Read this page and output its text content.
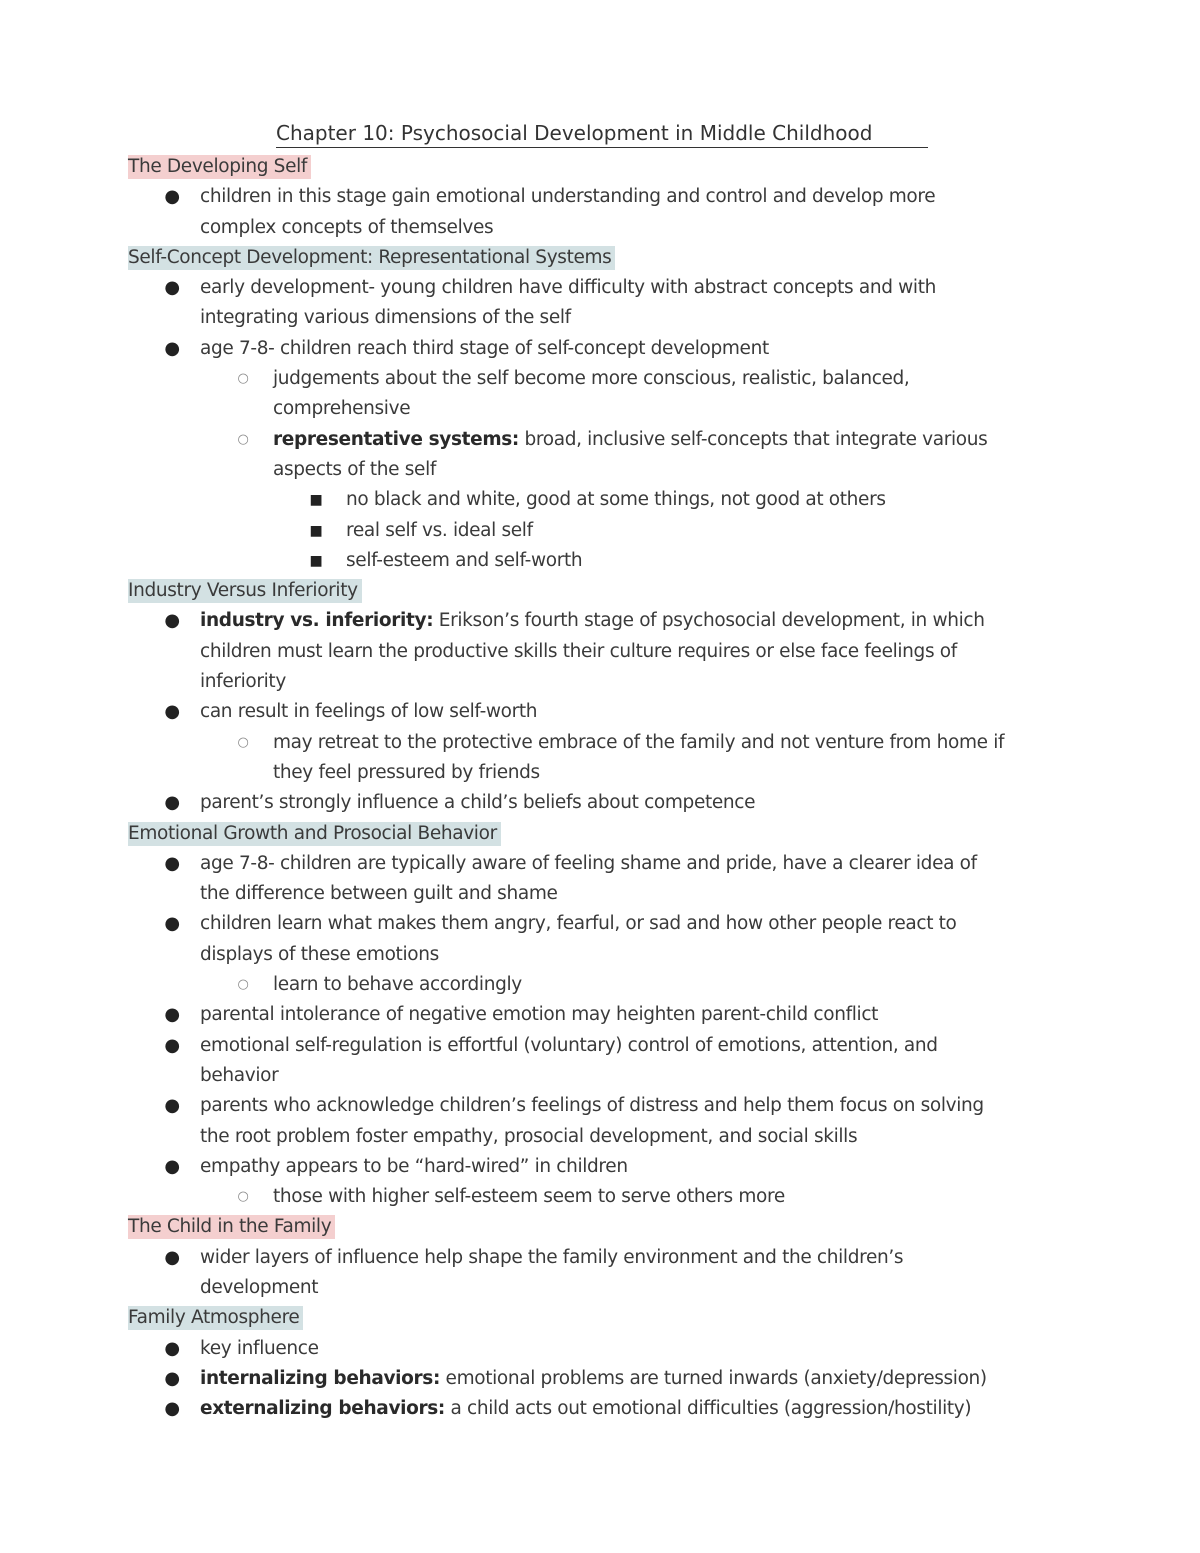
Chapter 10: Psychosocial Development in Middle Childhood
The Developing Self
● children in this stage gain emotional understanding and control and develop more
complex concepts of themselves
Self-Concept Development: Representational Systems
● early development- young children have difficulty with abstract concepts and with
integrating various dimensions of the self
● age 7-8- children reach third stage of self-concept development
○ judgements about the self become more conscious, realistic, balanced,
comprehensive
○ representative systems: broad, inclusive self-concepts that integrate various
aspects of the self
■ no black and white, good at some things, not good at others
■ real self vs. ideal self
■ self-esteem and self-worth
Industry Versus Inferiority
● industry vs. inferiority: Erikson’s fourth stage of psychosocial development, in which
children must learn the productive skills their culture requires or else face feelings of
inferiority
● can result in feelings of low self-worth
○ may retreat to the protective embrace of the family and not venture from home if
they feel pressured by friends
● parent’s strongly influence a child’s beliefs about competence
Emotional Growth and Prosocial Behavior
● age 7-8- children are typically aware of feeling shame and pride, have a clearer idea of
the difference between guilt and shame
● children learn what makes them angry, fearful, or sad and how other people react to
displays of these emotions
○ learn to behave accordingly
● parental intolerance of negative emotion may heighten parent-child conflict
● emotional self-regulation is effortful (voluntary) control of emotions, attention, and
behavior
● parents who acknowledge children’s feelings of distress and help them focus on solving
the root problem foster empathy, prosocial development, and social skills
● empathy appears to be “hard-wired” in children
○ those with higher self-esteem seem to serve others more
The Child in the Family
● wider layers of influence help shape the family environment and the children’s
development
Family Atmosphere
● key influence
● internalizing behaviors: emotional problems are turned inwards (anxiety/depression)
● externalizing behaviors: a child acts out emotional difficulties (aggression/hostility)
